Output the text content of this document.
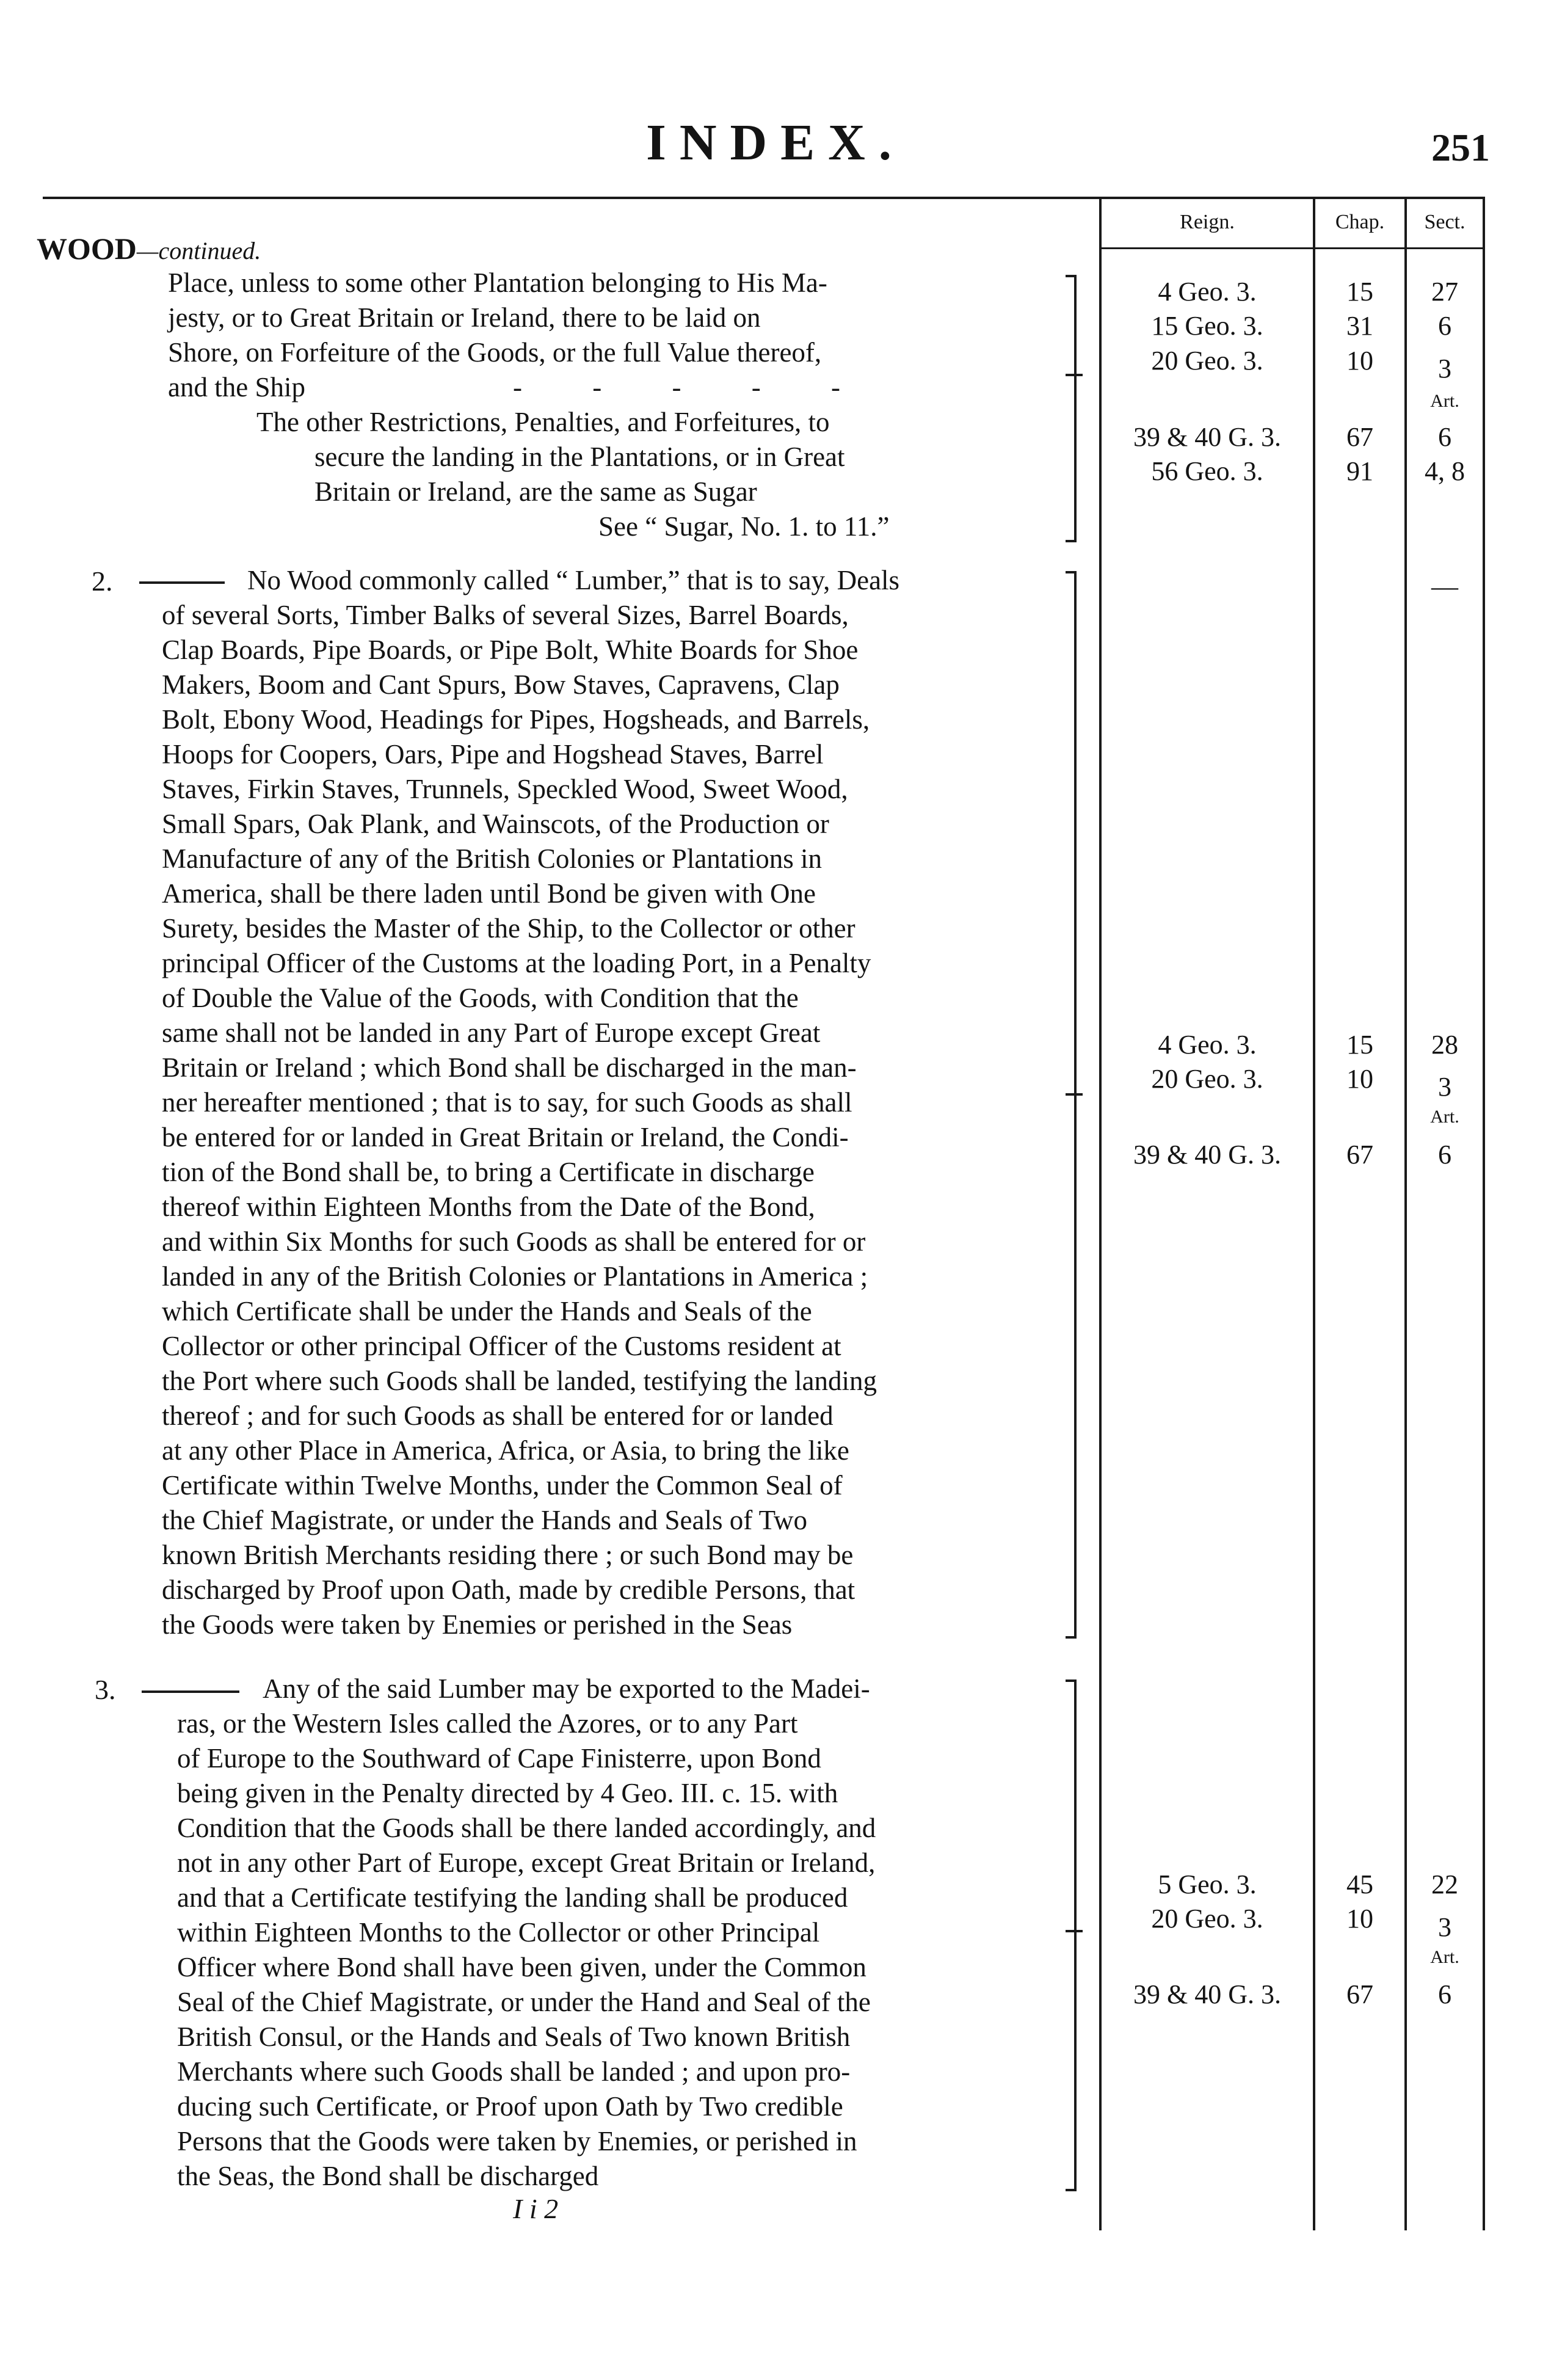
INDEX.	251
Reign.	Chap.	Sect.
WOOD—continued.
Place, unless to some other Plantation belonging to His Ma-
jesty, or to Great Britain or Ireland, there to be laid on
Shore, on Forfeiture of the Goods, or the full Value thereof,
and the Ship	- - - - -
The other Restrictions, Penalties, and Forfeitures, to
secure the landing in the Plantations, or in Great
Britain or Ireland, are the same as Sugar
See “ Sugar, No. 1. to 11.”
4 Geo. 3.	15	27
15 Geo. 3.	31	6
20 Geo. 3.	10	3
Art.
39 & 40 G. 3.	67	6
56 Geo. 3.	91	4, 8
2.	No Wood commonly called “ Lumber,” that is to say, Deals
of several Sorts, Timber Balks of several Sizes, Barrel Boards,
Clap Boards, Pipe Boards, or Pipe Bolt, White Boards for Shoe
Makers, Boom and Cant Spurs, Bow Staves, Capravens, Clap
Bolt, Ebony Wood, Headings for Pipes, Hogsheads, and Barrels,
Hoops for Coopers, Oars, Pipe and Hogshead Staves, Barrel
Staves, Firkin Staves, Trunnels, Speckled Wood, Sweet Wood,
Small Spars, Oak Plank, and Wainscots, of the Production or
Manufacture of any of the British Colonies or Plantations in
America, shall be there laden until Bond be given with One
Surety, besides the Master of the Ship, to the Collector or other
principal Officer of the Customs at the loading Port, in a Penalty
of Double the Value of the Goods, with Condition that the
same shall not be landed in any Part of Europe except Great
Britain or Ireland ; which Bond shall be discharged in the man-
ner hereafter mentioned ; that is to say, for such Goods as shall
be entered for or landed in Great Britain or Ireland, the Condi-
tion of the Bond shall be, to bring a Certificate in discharge
thereof within Eighteen Months from the Date of the Bond,
and within Six Months for such Goods as shall be entered for or
landed in any of the British Colonies or Plantations in America ;
which Certificate shall be under the Hands and Seals of the
Collector or other principal Officer of the Customs resident at
the Port where such Goods shall be landed, testifying the landing
thereof ; and for such Goods as shall be entered for or landed
at any other Place in America, Africa, or Asia, to bring the like
Certificate within Twelve Months, under the Common Seal of
the Chief Magistrate, or under the Hands and Seals of Two
known British Merchants residing there ; or such Bond may be
discharged by Proof upon Oath, made by credible Persons, that
the Goods were taken by Enemies or perished in the Seas
—
4 Geo. 3.	15	28
20 Geo. 3.	10	3
Art.
39 & 40 G. 3.	67	6
3.	Any of the said Lumber may be exported to the Madei-
ras, or the Western Isles called the Azores, or to any Part
of Europe to the Southward of Cape Finisterre, upon Bond
being given in the Penalty directed by 4 Geo. III. c. 15. with
Condition that the Goods shall be there landed accordingly, and
not in any other Part of Europe, except Great Britain or Ireland,
and that a Certificate testifying the landing shall be produced
within Eighteen Months to the Collector or other Principal
Officer where Bond shall have been given, under the Common
Seal of the Chief Magistrate, or under the Hand and Seal of the
British Consul, or the Hands and Seals of Two known British
Merchants where such Goods shall be landed ; and upon pro-
ducing such Certificate, or Proof upon Oath by Two credible
Persons that the Goods were taken by Enemies, or perished in
the Seas, the Bond shall be discharged
5 Geo. 3.	45	22
20 Geo. 3.	10	3
Art.
39 & 40 G. 3.	67	6
I i 2
